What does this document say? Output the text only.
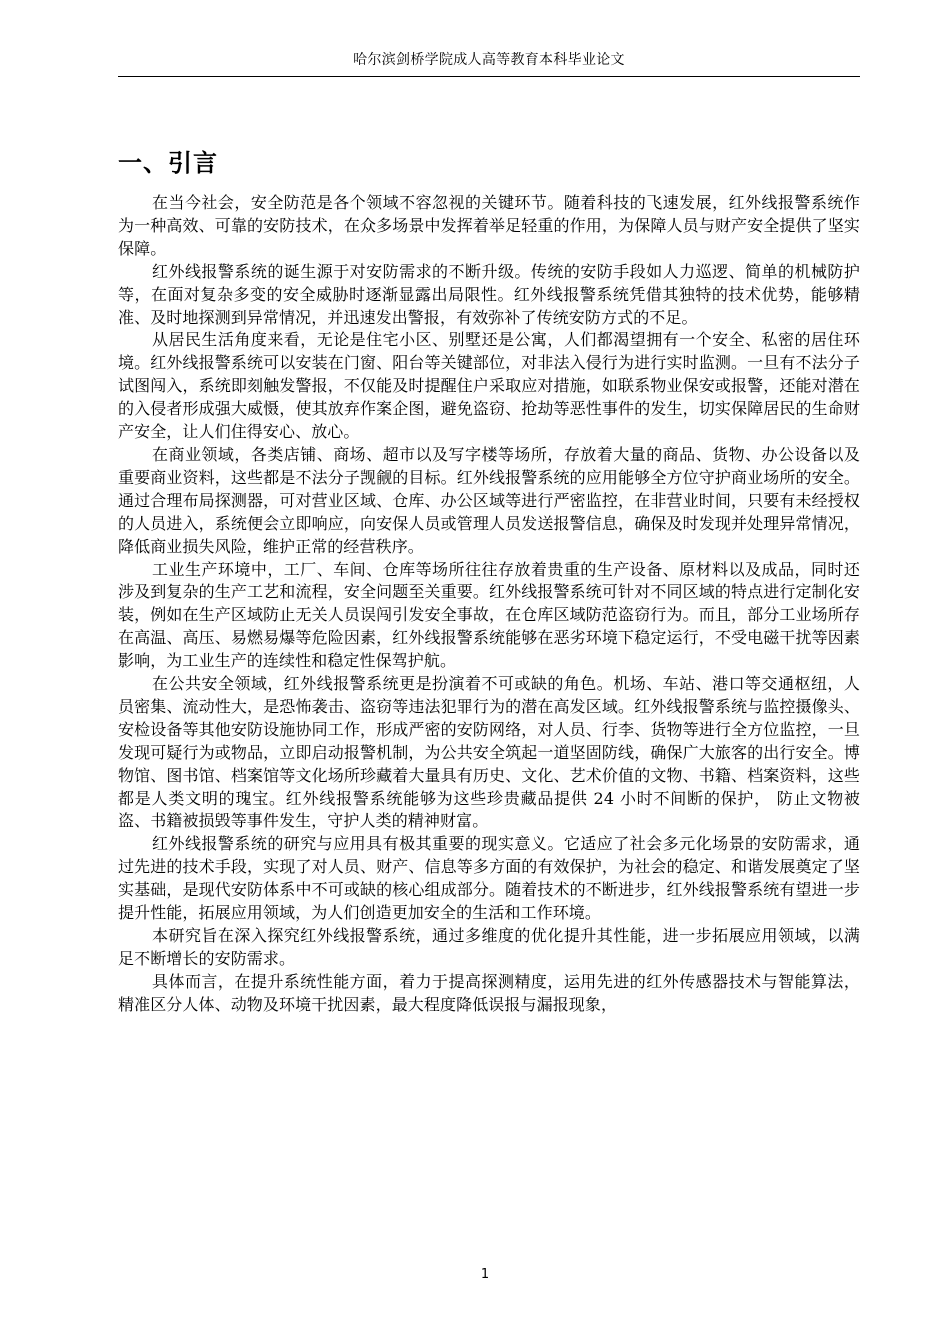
哈尔滨剑桥学院成人高等教育本科毕业论文
一、引言

在当今社会，安全防范是各个领域不容忽视的关键环节。随着科技的飞速发展，红外线报警系统作为一种高效、可靠的安防技术，在众多场景中发挥着举足轻重的作用，为保障人员与财产安全提供了坚实保障。

红外线报警系统的诞生源于对安防需求的不断升级。传统的安防手段如人力巡逻、简单的机械防护等，在面对复杂多变的安全威胁时逐渐显露出局限性。红外线报警系统凭借其独特的技术优势，能够精准、及时地探测到异常情况，并迅速发出警报，有效弥补了传统安防方式的不足。

从居民生活角度来看，无论是住宅小区、别墅还是公寓，人们都渴望拥有一个安全、私密的居住环境。红外线报警系统可以安装在门窗、阳台等关键部位，对非法入侵行为进行实时监测。一旦有不法分子试图闯入，系统即刻触发警报，不仅能及时提醒住户采取应对措施，如联系物业保安或报警，还能对潜在的入侵者形成强大威慑，使其放弃作案企图，避免盗窃、抢劫等恶性事件的发生，切实保障居民的生命财产安全，让人们住得安心、放心。

在商业领域，各类店铺、商场、超市以及写字楼等场所，存放着大量的商品、货物、办公设备以及重要商业资料，这些都是不法分子觊觎的目标。红外线报警系统的应用能够全方位守护商业场所的安全。通过合理布局探测器，可对营业区域、仓库、办公区域等进行严密监控，在非营业时间，只要有未经授权的人员进入，系统便会立即响应，向安保人员或管理人员发送报警信息，确保及时发现并处理异常情况，降低商业损失风险，维护正常的经营秩序。

工业生产环境中，工厂、车间、仓库等场所往往存放着贵重的生产设备、原材料以及成品，同时还涉及到复杂的生产工艺和流程，安全问题至关重要。红外线报警系统可针对不同区域的特点进行定制化安装，例如在生产区域防止无关人员误闯引发安全事故，在仓库区域防范盗窃行为。而且，部分工业场所存在高温、高压、易燃易爆等危险因素，红外线报警系统能够在恶劣环境下稳定运行，不受电磁干扰等因素影响，为工业生产的连续性和稳定性保驾护航。

在公共安全领域，红外线报警系统更是扮演着不可或缺的角色。机场、车站、港口等交通枢纽，人员密集、流动性大，是恐怖袭击、盗窃等违法犯罪行为的潜在高发区域。红外线报警系统与监控摄像头、安检设备等其他安防设施协同工作，形成严密的安防网络，对人员、行李、货物等进行全方位监控，一旦发现可疑行为或物品，立即启动报警机制，为公共安全筑起一道坚固防线，确保广大旅客的出行安全。博物馆、图书馆、档案馆等文化场所珍藏着大量具有历史、文化、艺术价值的文物、书籍、档案资料，这些都是人类文明的瑰宝。红外线报警系统能够为这些珍贵藏品提供 24 小时不间断的保护， 防止文物被盗、书籍被损毁等事件发生，守护人类的精神财富。

红外线报警系统的研究与应用具有极其重要的现实意义。它适应了社会多元化场景的安防需求，通过先进的技术手段，实现了对人员、财产、信息等多方面的有效保护，为社会的稳定、和谐发展奠定了坚实基础，是现代安防体系中不可或缺的核心组成部分。随着技术的不断进步，红外线报警系统有望进一步提升性能，拓展应用领域，为人们创造更加安全的生活和工作环境。

本研究旨在深入探究红外线报警系统，通过多维度的优化提升其性能，进一步拓展应用领域，以满足不断增长的安防需求。

具体而言，在提升系统性能方面，着力于提高探测精度，运用先进的红外传感器技术与智能算法，精准区分人体、动物及环境干扰因素，最大程度降低误报与漏报现象，

1
